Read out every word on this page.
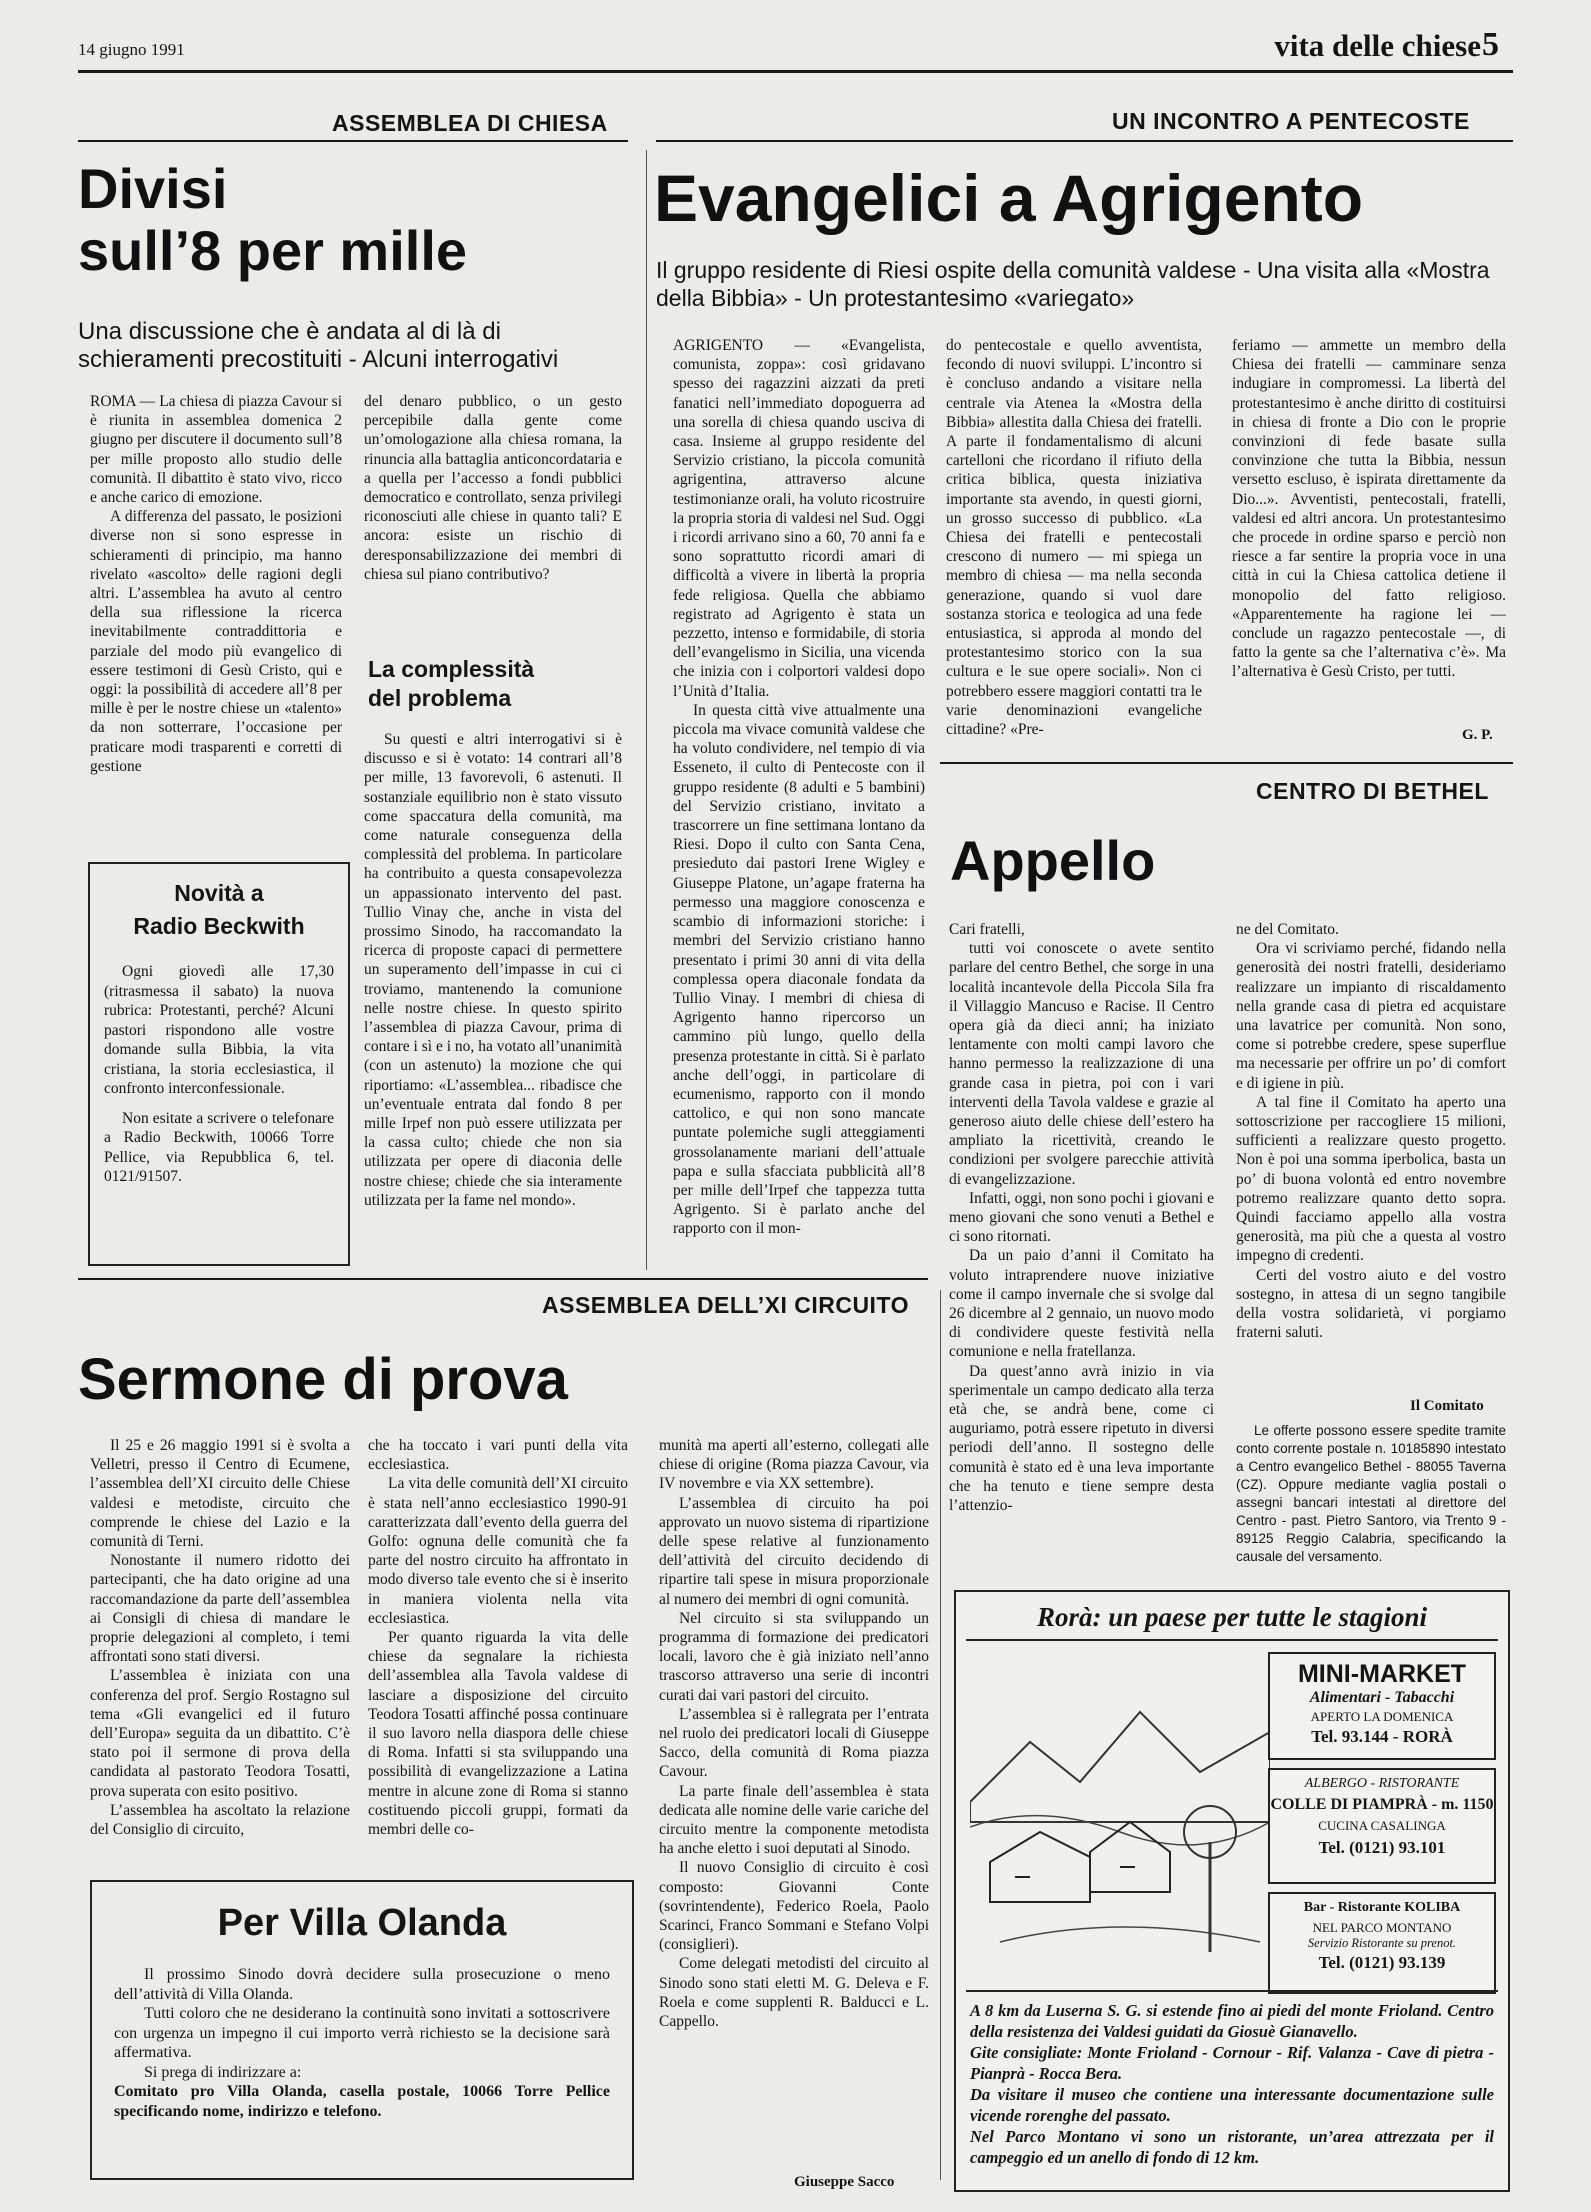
14 giugno 1991	vita delle chiese 5
ASSEMBLEA DI CHIESA
Divisi
sull’8 per mille
Una discussione che è andata al di là di schieramenti precostituiti - Alcuni interrogativi

ROMA — La chiesa di piazza Cavour si è riunita in assemblea domenica 2 giugno per discutere il documento sull’8 per mille proposto allo studio delle comunità. Il dibattito è stato vivo, ricco e anche carico di emozione.

A differenza del passato, le posizioni diverse non si sono espresse in schieramenti di principio, ma hanno rivelato «ascolto» delle ragioni degli altri. L’assemblea ha avuto al centro della sua riflessione la ricerca inevitabilmente contraddittoria e parziale del modo più evangelico di essere testimoni di Gesù Cristo, qui e oggi: la possibilità di accedere all’8 per mille è per le nostre chiese un «talento» da non sotterrare, l’occasione per praticare modi trasparenti e corretti di gestione

del denaro pubblico, o un gesto percepibile dalla gente come un’omologazione alla chiesa romana, la rinuncia alla battaglia anticoncordataria e a quella per l’accesso a fondi pubblici democratico e controllato, senza privilegi riconosciuti alle chiese in quanto tali? E ancora: esiste un rischio di deresponsabilizzazione dei membri di chiesa sul piano contributivo?

La complessità del problema

Su questi e altri interrogativi si è discusso e si è votato: 14 contrari all’8 per mille, 13 favorevoli, 6 astenuti. Il sostanziale equilibrio non è stato vissuto come spaccatura della comunità, ma come naturale conseguenza della complessità del problema. In particolare ha contribuito a questa consapevolezza un appassionato intervento del past. Tullio Vinay che, anche in vista del prossimo Sinodo, ha raccomandato la ricerca di proposte capaci di permettere un superamento dell’impasse in cui ci troviamo, mantenendo la comunione nelle nostre chiese. In questo spirito l’assemblea di piazza Cavour, prima di contare i sì e i no, ha votato all’unanimità (con un astenuto) la mozione che qui riportiamo: «L’assemblea... ribadisce che un’eventuale entrata dal fondo 8 per mille Irpef non può essere utilizzata per la cassa culto; chiede che non sia utilizzata per opere di diaconia delle nostre chiese; chiede che sia interamente utilizzata per la fame nel mondo».

Novità a
Radio Beckwith
Ogni giovedì alle 17,30 (ritrasmessa il sabato) la nuova rubrica: Protestanti, perché? Alcuni pastori rispondono alle vostre domande sulla Bibbia, la vita cristiana, la storia ecclesiastica, il confronto interconfessionale.
Non esitate a scrivere o telefonare a Radio Beckwith, 10066 Torre Pellice, via Repubblica 6, tel. 0121/91507.
UN INCONTRO A PENTECOSTE
Evangelici a Agrigento
Il gruppo residente di Riesi ospite della comunità valdese - Una visita alla «Mostra della Bibbia» - Un protestantesimo «variegato»

AGRIGENTO — «Evangelista, comunista, zoppa»: così gridavano spesso dei ragazzini aizzati da preti fanatici nell’immediato dopoguerra ad una sorella di chiesa quando usciva di casa. Insieme al gruppo residente del Servizio cristiano, la piccola comunità agrigentina, attraverso alcune testimonianze orali, ha voluto ricostruire la propria storia di valdesi nel Sud. Oggi i ricordi arrivano sino a 60, 70 anni fa e sono soprattutto ricordi amari di difficoltà a vivere in libertà la propria fede religiosa. Quella che abbiamo registrato ad Agrigento è stata un pezzetto, intenso e formidabile, di storia dell’evangelismo in Sicilia, una vicenda che inizia con i colportori valdesi dopo l’Unità d’Italia.

In questa città vive attualmente una piccola ma vivace comunità valdese che ha voluto condividere, nel tempio di via Esseneto, il culto di Pentecoste con il gruppo residente (8 adulti e 5 bambini) del Servizio cristiano, invitato a trascorrere un fine settimana lontano da Riesi. Dopo il culto con Santa Cena, presieduto dai pastori Irene Wigley e Giuseppe Platone, un’agape fraterna ha permesso una maggiore conoscenza e scambio di informazioni storiche: i membri del Servizio cristiano hanno presentato i primi 30 anni di vita della complessa opera diaconale fondata da Tullio Vinay. I membri di chiesa di Agrigento hanno ripercorso un cammino più lungo, quello della presenza protestante in città. Si è parlato anche dell’oggi, in particolare di ecumenismo, rapporto con il mondo cattolico, e qui non sono mancate puntate polemiche sugli atteggiamenti grossolanamente mariani dell’attuale papa e sulla sfacciata pubblicità all’8 per mille dell’Irpef che tappezza tutta Agrigento. Si è parlato anche del rapporto con il mon-

do pentecostale e quello avventista, fecondo di nuovi sviluppi. L’incontro si è concluso andando a visitare nella centrale via Atenea la «Mostra della Bibbia» allestita dalla Chiesa dei fratelli. A parte il fondamentalismo di alcuni cartelloni che ricordano il rifiuto della critica biblica, questa iniziativa importante sta avendo, in questi giorni, un grosso successo di pubblico. «La Chiesa dei fratelli e pentecostali crescono di numero — mi spiega un membro di chiesa — ma nella seconda generazione, quando si vuol dare sostanza storica e teologica ad una fede entusiastica, si approda al mondo del protestantesimo storico con la sua cultura e le sue opere sociali». Non ci potrebbero essere maggiori contatti tra le varie denominazioni evangeliche cittadine? «Pre-

feriamo — ammette un membro della Chiesa dei fratelli — camminare senza indugiare in compromessi. La libertà del protestantesimo è anche diritto di costituirsi in chiesa di fronte a Dio con le proprie convinzioni di fede basate sulla convinzione che tutta la Bibbia, nessun versetto escluso, è ispirata direttamente da Dio...». Avventisti, pentecostali, fratelli, valdesi ed altri ancora. Un protestantesimo che procede in ordine sparso e perciò non riesce a far sentire la propria voce in una città in cui la Chiesa cattolica detiene il monopolio del fatto religioso. «Apparentemente ha ragione lei — conclude un ragazzo pentecostale —, di fatto la gente sa che l’alternativa c’è». Ma l’alternativa è Gesù Cristo, per tutti.

G. P.
CENTRO DI BETHEL
Appello

Cari fratelli,

tutti voi conoscete o avete sentito parlare del centro Bethel, che sorge in una località incantevole della Piccola Sila fra il Villaggio Mancuso e Racise. Il Centro opera già da dieci anni; ha iniziato lentamente con molti campi lavoro che hanno permesso la realizzazione di una grande casa in pietra, poi con i vari interventi della Tavola valdese e grazie al generoso aiuto delle chiese dell’estero ha ampliato la ricettività, creando le condizioni per svolgere parecchie attività di evangelizzazione.

Infatti, oggi, non sono pochi i giovani e meno giovani che sono venuti a Bethel e ci sono ritornati.

Da un paio d’anni il Comitato ha voluto intraprendere nuove iniziative come il campo invernale che si svolge dal 26 dicembre al 2 gennaio, un nuovo modo di condividere queste festività nella comunione e nella fratellanza.

Da quest’anno avrà inizio in via sperimentale un campo dedicato alla terza età che, se andrà bene, come ci auguriamo, potrà essere ripetuto in diversi periodi dell’anno. Il sostegno delle comunità è stato ed è una leva importante che ha tenuto e tiene sempre desta l’attenzio-

ne del Comitato.

Ora vi scriviamo perché, fidando nella generosità dei nostri fratelli, desideriamo realizzare un impianto di riscaldamento nella grande casa di pietra ed acquistare una lavatrice per comunità. Non sono, come si potrebbe credere, spese superflue ma necessarie per offrire un po’ di comfort e di igiene in più.

A tal fine il Comitato ha aperto una sottoscrizione per raccogliere 15 milioni, sufficienti a realizzare questo progetto. Non è poi una somma iperbolica, basta un po’ di buona volontà ed entro novembre potremo realizzare quanto detto sopra. Quindi facciamo appello alla vostra generosità, ma più che a questa al vostro impegno di credenti.

Certi del vostro aiuto e del vostro sostegno, in attesa di un segno tangibile della vostra solidarietà, vi porgiamo fraterni saluti.

Il Comitato
Le offerte possono essere spedite tramite conto corrente postale n. 10185890 intestato a Centro evangelico Bethel - 88055 Taverna (CZ). Oppure mediante vaglia postali o assegni bancari intestati al direttore del Centro - past. Pietro Santoro, via Trento 9 - 89125 Reggio Calabria, specificando la causale del versamento.
ASSEMBLEA DELL’XI CIRCUITO
Sermone di prova

Il 25 e 26 maggio 1991 si è svolta a Velletri, presso il Centro di Ecumene, l’assemblea dell’XI circuito delle Chiese valdesi e metodiste, circuito che comprende le chiese del Lazio e la comunità di Terni.

Nonostante il numero ridotto dei partecipanti, che ha dato origine ad una raccomandazione da parte dell’assemblea ai Consigli di chiesa di mandare le proprie delegazioni al completo, i temi affrontati sono stati diversi.

L’assemblea è iniziata con una conferenza del prof. Sergio Rostagno sul tema «Gli evangelici ed il futuro dell’Europa» seguita da un dibattito. C’è stato poi il sermone di prova della candidata al pastorato Teodora Tosatti, prova superata con esito positivo.

L’assemblea ha ascoltato la relazione del Consiglio di circuito,

che ha toccato i vari punti della vita ecclesiastica.

La vita delle comunità dell’XI circuito è stata nell’anno ecclesiastico 1990-91 caratterizzata dall’evento della guerra del Golfo: ognuna delle comunità che fa parte del nostro circuito ha affrontato in modo diverso tale evento che si è inserito in maniera violenta nella vita ecclesiastica.

Per quanto riguarda la vita delle chiese da segnalare la richiesta dell’assemblea alla Tavola valdese di lasciare a disposizione del circuito Teodora Tosatti affinché possa continuare il suo lavoro nella diaspora delle chiese di Roma. Infatti si sta sviluppando una possibilità di evangelizzazione a Latina mentre in alcune zone di Roma si stanno costituendo piccoli gruppi, formati da membri delle co-

munità ma aperti all’esterno, collegati alle chiese di origine (Roma piazza Cavour, via IV novembre e via XX settembre).

L’assemblea di circuito ha poi approvato un nuovo sistema di ripartizione delle spese relative al funzionamento dell’attività del circuito decidendo di ripartire tali spese in misura proporzionale al numero dei membri di ogni comunità.

Nel circuito si sta sviluppando un programma di formazione dei predicatori locali, lavoro che è già iniziato nell’anno trascorso attraverso una serie di incontri curati dai vari pastori del circuito.

L’assemblea si è rallegrata per l’entrata nel ruolo dei predicatori locali di Giuseppe Sacco, della comunità di Roma piazza Cavour.

La parte finale dell’assemblea è stata dedicata alle nomine delle varie cariche del circuito mentre la componente metodista ha anche eletto i suoi deputati al Sinodo.

Il nuovo Consiglio di circuito è così composto: Giovanni Conte (sovrintendente), Federico Roela, Paolo Scarinci, Franco Sommani e Stefano Volpi (consiglieri).

Come delegati metodisti del circuito al Sinodo sono stati eletti M. G. Deleva e F. Roela e come supplenti R. Balducci e L. Cappello.

Giuseppe Sacco
Per Villa Olanda

Il prossimo Sinodo dovrà decidere sulla prosecuzione o meno dell’attività di Villa Olanda.

Tutti coloro che ne desiderano la continuità sono invitati a sottoscrivere con urgenza un impegno il cui importo verrà richiesto se la decisione sarà affermativa.

Si prega di indirizzare a:

Comitato pro Villa Olanda, casella postale, 10066 Torre Pellice specificando nome, indirizzo e telefono.

Rorà: un paese per tutte le stagioni
MINI-MARKET
Alimentari - Tabacchi
APERTO LA DOMENICA
Tel. 93.144 - RORÀ
ALBERGO - RISTORANTE
COLLE DI PIAMPRÀ - m. 1150
CUCINA CASALINGA
Tel. (0121) 93.101
Bar - Ristorante KOLIBA
NEL PARCO MONTANO
Servizio Ristorante su prenot.
Tel. (0121) 93.139

A 8 km da Luserna S. G. si estende fino ai piedi del monte Frioland. Centro della resistenza dei Valdesi guidati da Giosuè Gianavello.

Gite consigliate: Monte Frioland - Cornour - Rif. Valanza - Cave di pietra - Pianprà - Rocca Bera.

Da visitare il museo che contiene una interessante documentazione sulle vicende rorenghe del passato.

Nel Parco Montano vi sono un ristorante, un’area attrezzata per il campeggio ed un anello di fondo di 12 km.
